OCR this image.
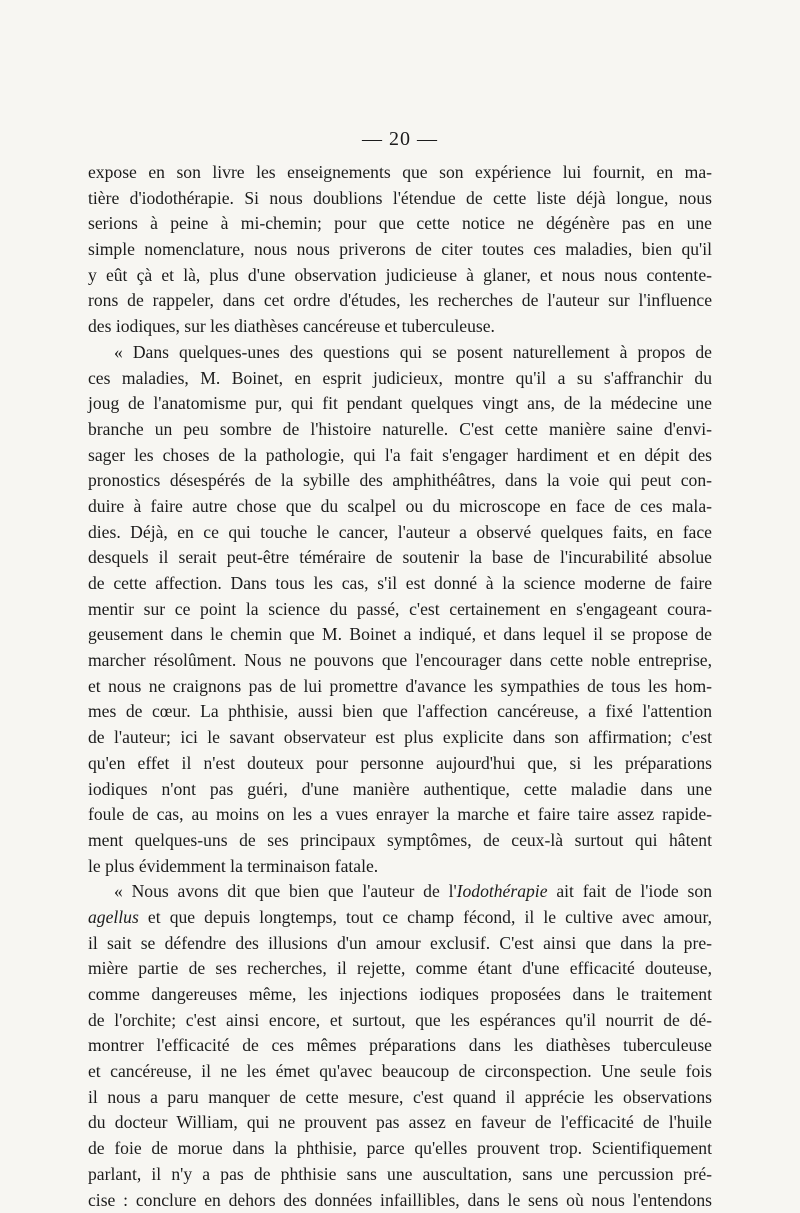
— 20 —
expose en son livre les enseignements que son expérience lui fournit, en ma-
tière d'iodothérapie. Si nous doublions l'étendue de cette liste déjà longue, nous
serions à peine à mi-chemin; pour que cette notice ne dégénère pas en une
simple nomenclature, nous nous priverons de citer toutes ces maladies, bien qu'il
y eût çà et là, plus d'une observation judicieuse à glaner, et nous nous contente-
rons de rappeler, dans cet ordre d'études, les recherches de l'auteur sur l'influence
des iodiques, sur les diathèses cancéreuse et tuberculeuse.
« Dans quelques-unes des questions qui se posent naturellement à propos de
ces maladies, M. Boinet, en esprit judicieux, montre qu'il a su s'affranchir du
joug de l'anatomisme pur, qui fit pendant quelques vingt ans, de la médecine une
branche un peu sombre de l'histoire naturelle. C'est cette manière saine d'envi-
sager les choses de la pathologie, qui l'a fait s'engager hardiment et en dépit des
pronostics désespérés de la sybille des amphithéâtres, dans la voie qui peut con-
duire à faire autre chose que du scalpel ou du microscope en face de ces mala-
dies. Déjà, en ce qui touche le cancer, l'auteur a observé quelques faits, en face
desquels il serait peut-être téméraire de soutenir la base de l'incurabilité absolue
de cette affection. Dans tous les cas, s'il est donné à la science moderne de faire
mentir sur ce point la science du passé, c'est certainement en s'engageant coura-
geusement dans le chemin que M. Boinet a indiqué, et dans lequel il se propose de
marcher résolûment. Nous ne pouvons que l'encourager dans cette noble entreprise,
et nous ne craignons pas de lui promettre d'avance les sympathies de tous les hom-
mes de cœur. La phthisie, aussi bien que l'affection cancéreuse, a fixé l'attention
de l'auteur; ici le savant observateur est plus explicite dans son affirmation; c'est
qu'en effet il n'est douteux pour personne aujourd'hui que, si les préparations
iodiques n'ont pas guéri, d'une manière authentique, cette maladie dans une
foule de cas, au moins on les a vues enrayer la marche et faire taire assez rapide-
ment quelques-uns de ses principaux symptômes, de ceux-là surtout qui hâtent
le plus évidemment la terminaison fatale.
« Nous avons dit que bien que l'auteur de l'Iodothérapie ait fait de l'iode son
agellus et que depuis longtemps, tout ce champ fécond, il le cultive avec amour,
il sait se défendre des illusions d'un amour exclusif. C'est ainsi que dans la pre-
mière partie de ses recherches, il rejette, comme étant d'une efficacité douteuse,
comme dangereuses même, les injections iodiques proposées dans le traitement
de l'orchite; c'est ainsi encore, et surtout, que les espérances qu'il nourrit de dé-
montrer l'efficacité de ces mêmes préparations dans les diathèses tuberculeuse
et cancéreuse, il ne les émet qu'avec beaucoup de circonspection. Une seule fois
il nous a paru manquer de cette mesure, c'est quand il apprécie les observations
du docteur William, qui ne prouvent pas assez en faveur de l'efficacité de l'huile
de foie de morue dans la phthisie, parce qu'elles prouvent trop. Scientifiquement
parlant, il n'y a pas de phthisie sans une auscultation, sans une percussion pré-
cise : conclure en dehors des données infaillibles, dans le sens où nous l'entendons
